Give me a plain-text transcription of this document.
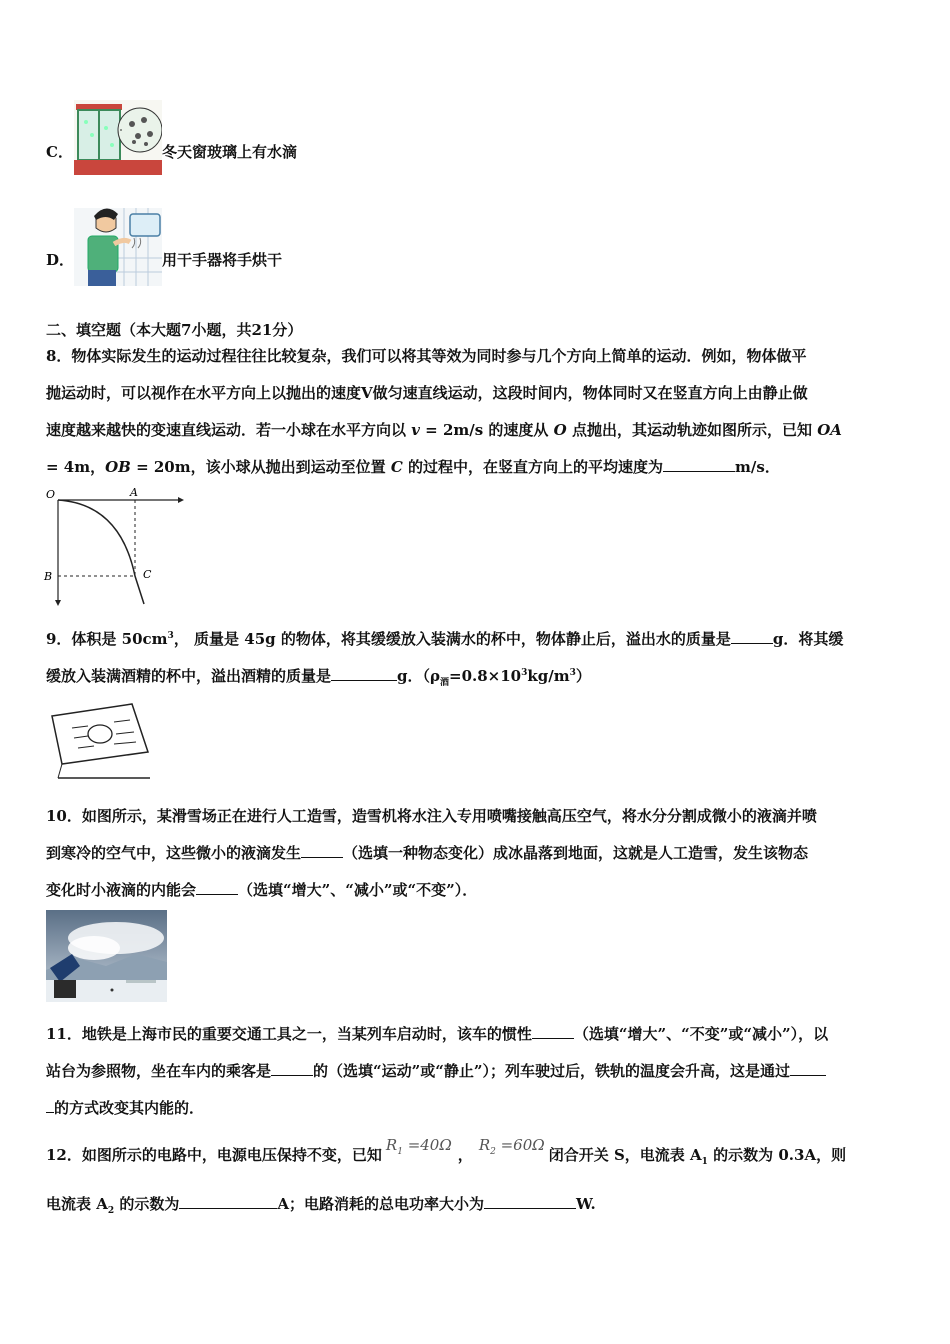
C．	冬天窗玻璃上有水滴
D．	用干手器将手烘干
二、填空题（本大题7小题，共21分）
8．物体实际发生的运动过程往往比较复杂，我们可以将其等效为同时参与几个方向上简单的运动．例如，物体做平
抛运动时，可以视作在水平方向上以抛出的速度V做匀速直线运动，这段时间内，物体同时又在竖直方向上由静止做
速度越来越快的变速直线运动．若一小球在水平方向以 v = 2m/s 的速度从 O 点抛出，其运动轨迹如图所示，已知 OA
= 4m，OB = 20m，该小球从抛出到运动至位置 C 的过程中，在竖直方向上的平均速度为	m/s．
O	A
B	C
9．体积是 $50cm^3$， 质量是 45g 的物体，将其缓缓放入装满水的杯中，物体静止后，溢出水的质量是	g．将其缓
缓放入装满酒精的杯中，溢出酒精的质量是	g．$(\rho_酒=0.8\times 10^3kg/m^3)$
10．如图所示，某滑雪场正在进行人工造雪，造雪机将水注入专用喷嘴接触高压空气，将水分分割成微小的液滴并喷
到寒冷的空气中，这些微小的液滴发生	（选填一种物态变化）成冰晶落到地面，这就是人工造雪，发生该物态
变化时小液滴的内能会	（选填“增大”、“减小”或“不变”）．
11．地铁是上海市民的重要交通工具之一，当某列车启动时，该车的惯性	（选填“增大”、“不变”或“减小”），以
站台为参照物，坐在车内的乘客是	的（选填“运动”或“静止”）；列车驶过后，铁轨的温度会升高，这是通过
的方式改变其内能的．
12．如图所示的电路中，电源电压保持不变，已知$R_1 =40\Omega$，$R_2 =60\Omega$闭合开关 S，电流表 $A_1$ 的示数为 0.3A，则
电流表 $A_2$ 的示数为	A；电路消耗的总电功率大小为	W.
